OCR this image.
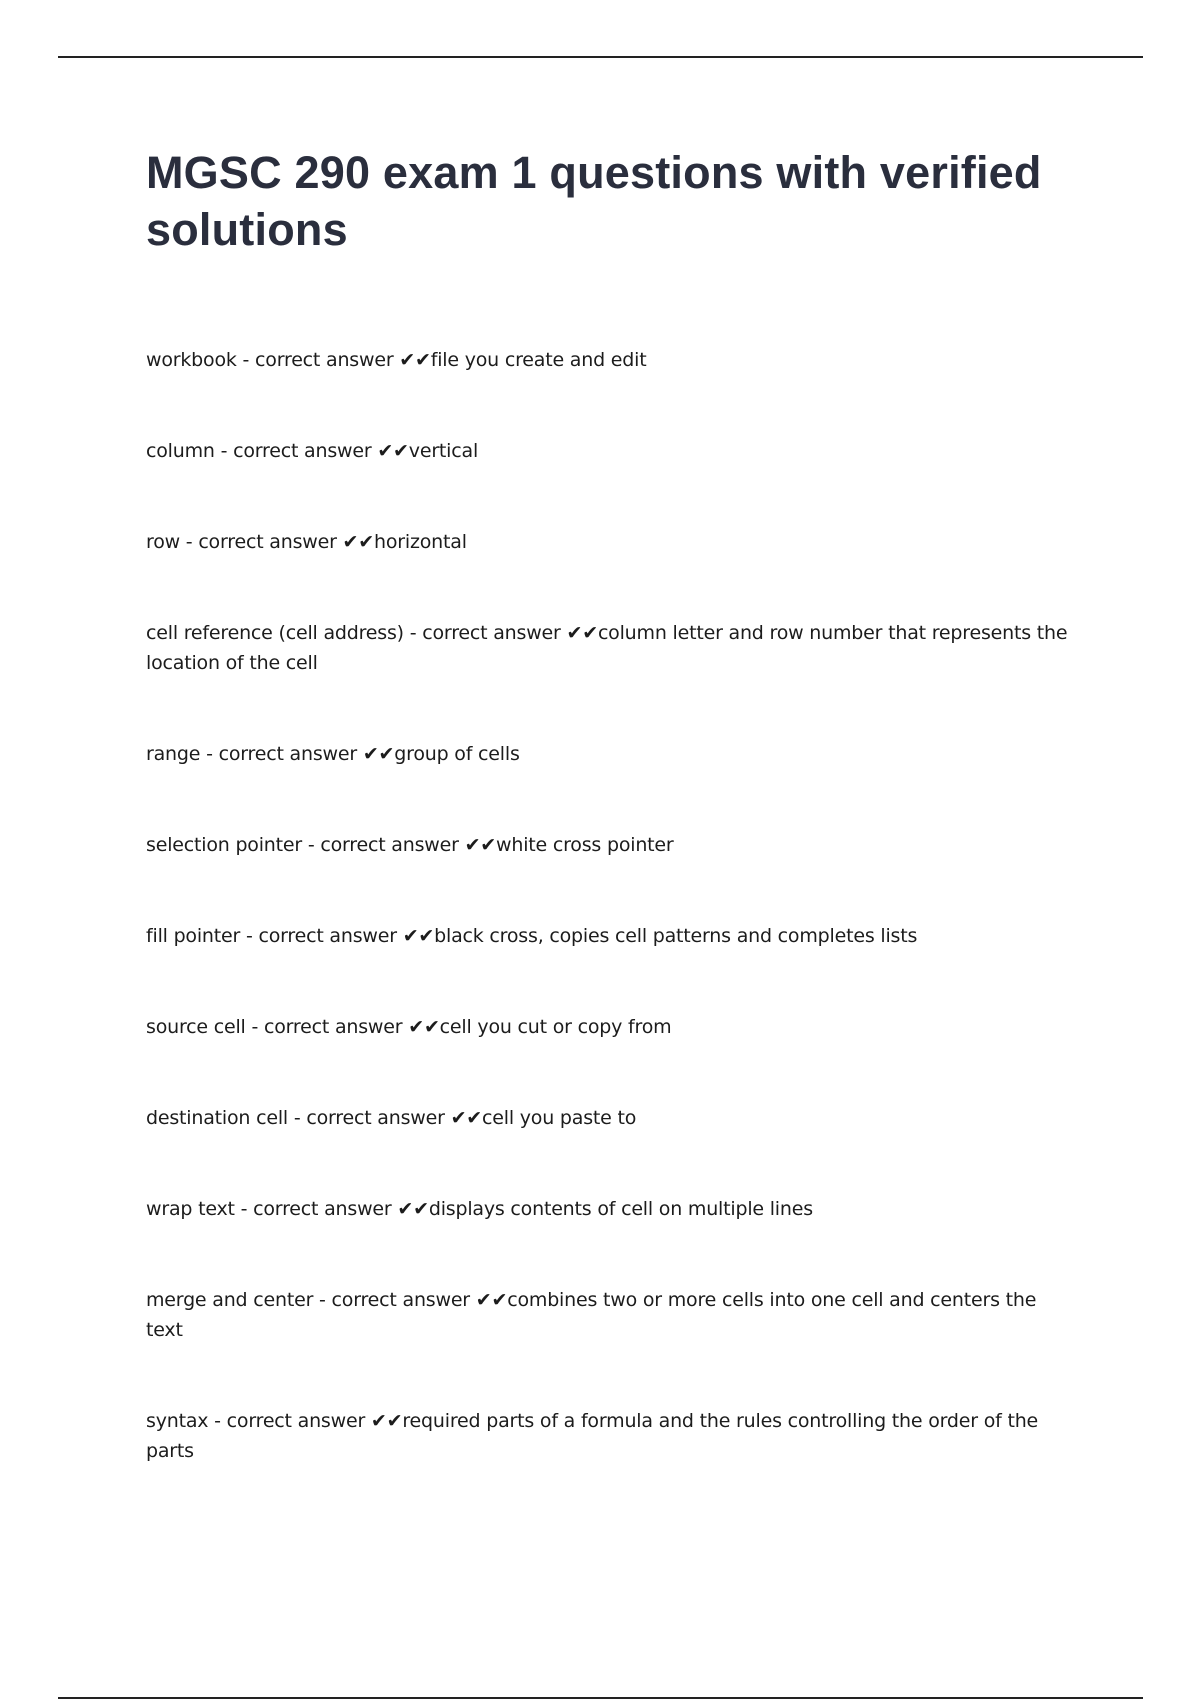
MGSC 290 exam 1 questions with verified solutions
workbook - correct answer ✔✔file you create and edit
column - correct answer ✔✔vertical
row - correct answer ✔✔horizontal
cell reference (cell address) - correct answer ✔✔column letter and row number that represents the location of the cell
range - correct answer ✔✔group of cells
selection pointer - correct answer ✔✔white cross pointer
fill pointer - correct answer ✔✔black cross, copies cell patterns and completes lists
source cell - correct answer ✔✔cell you cut or copy from
destination cell - correct answer ✔✔cell you paste to
wrap text - correct answer ✔✔displays contents of cell on multiple lines
merge and center - correct answer ✔✔combines two or more cells into one cell and centers the text
syntax - correct answer ✔✔required parts of a formula and the rules controlling the order of the parts
